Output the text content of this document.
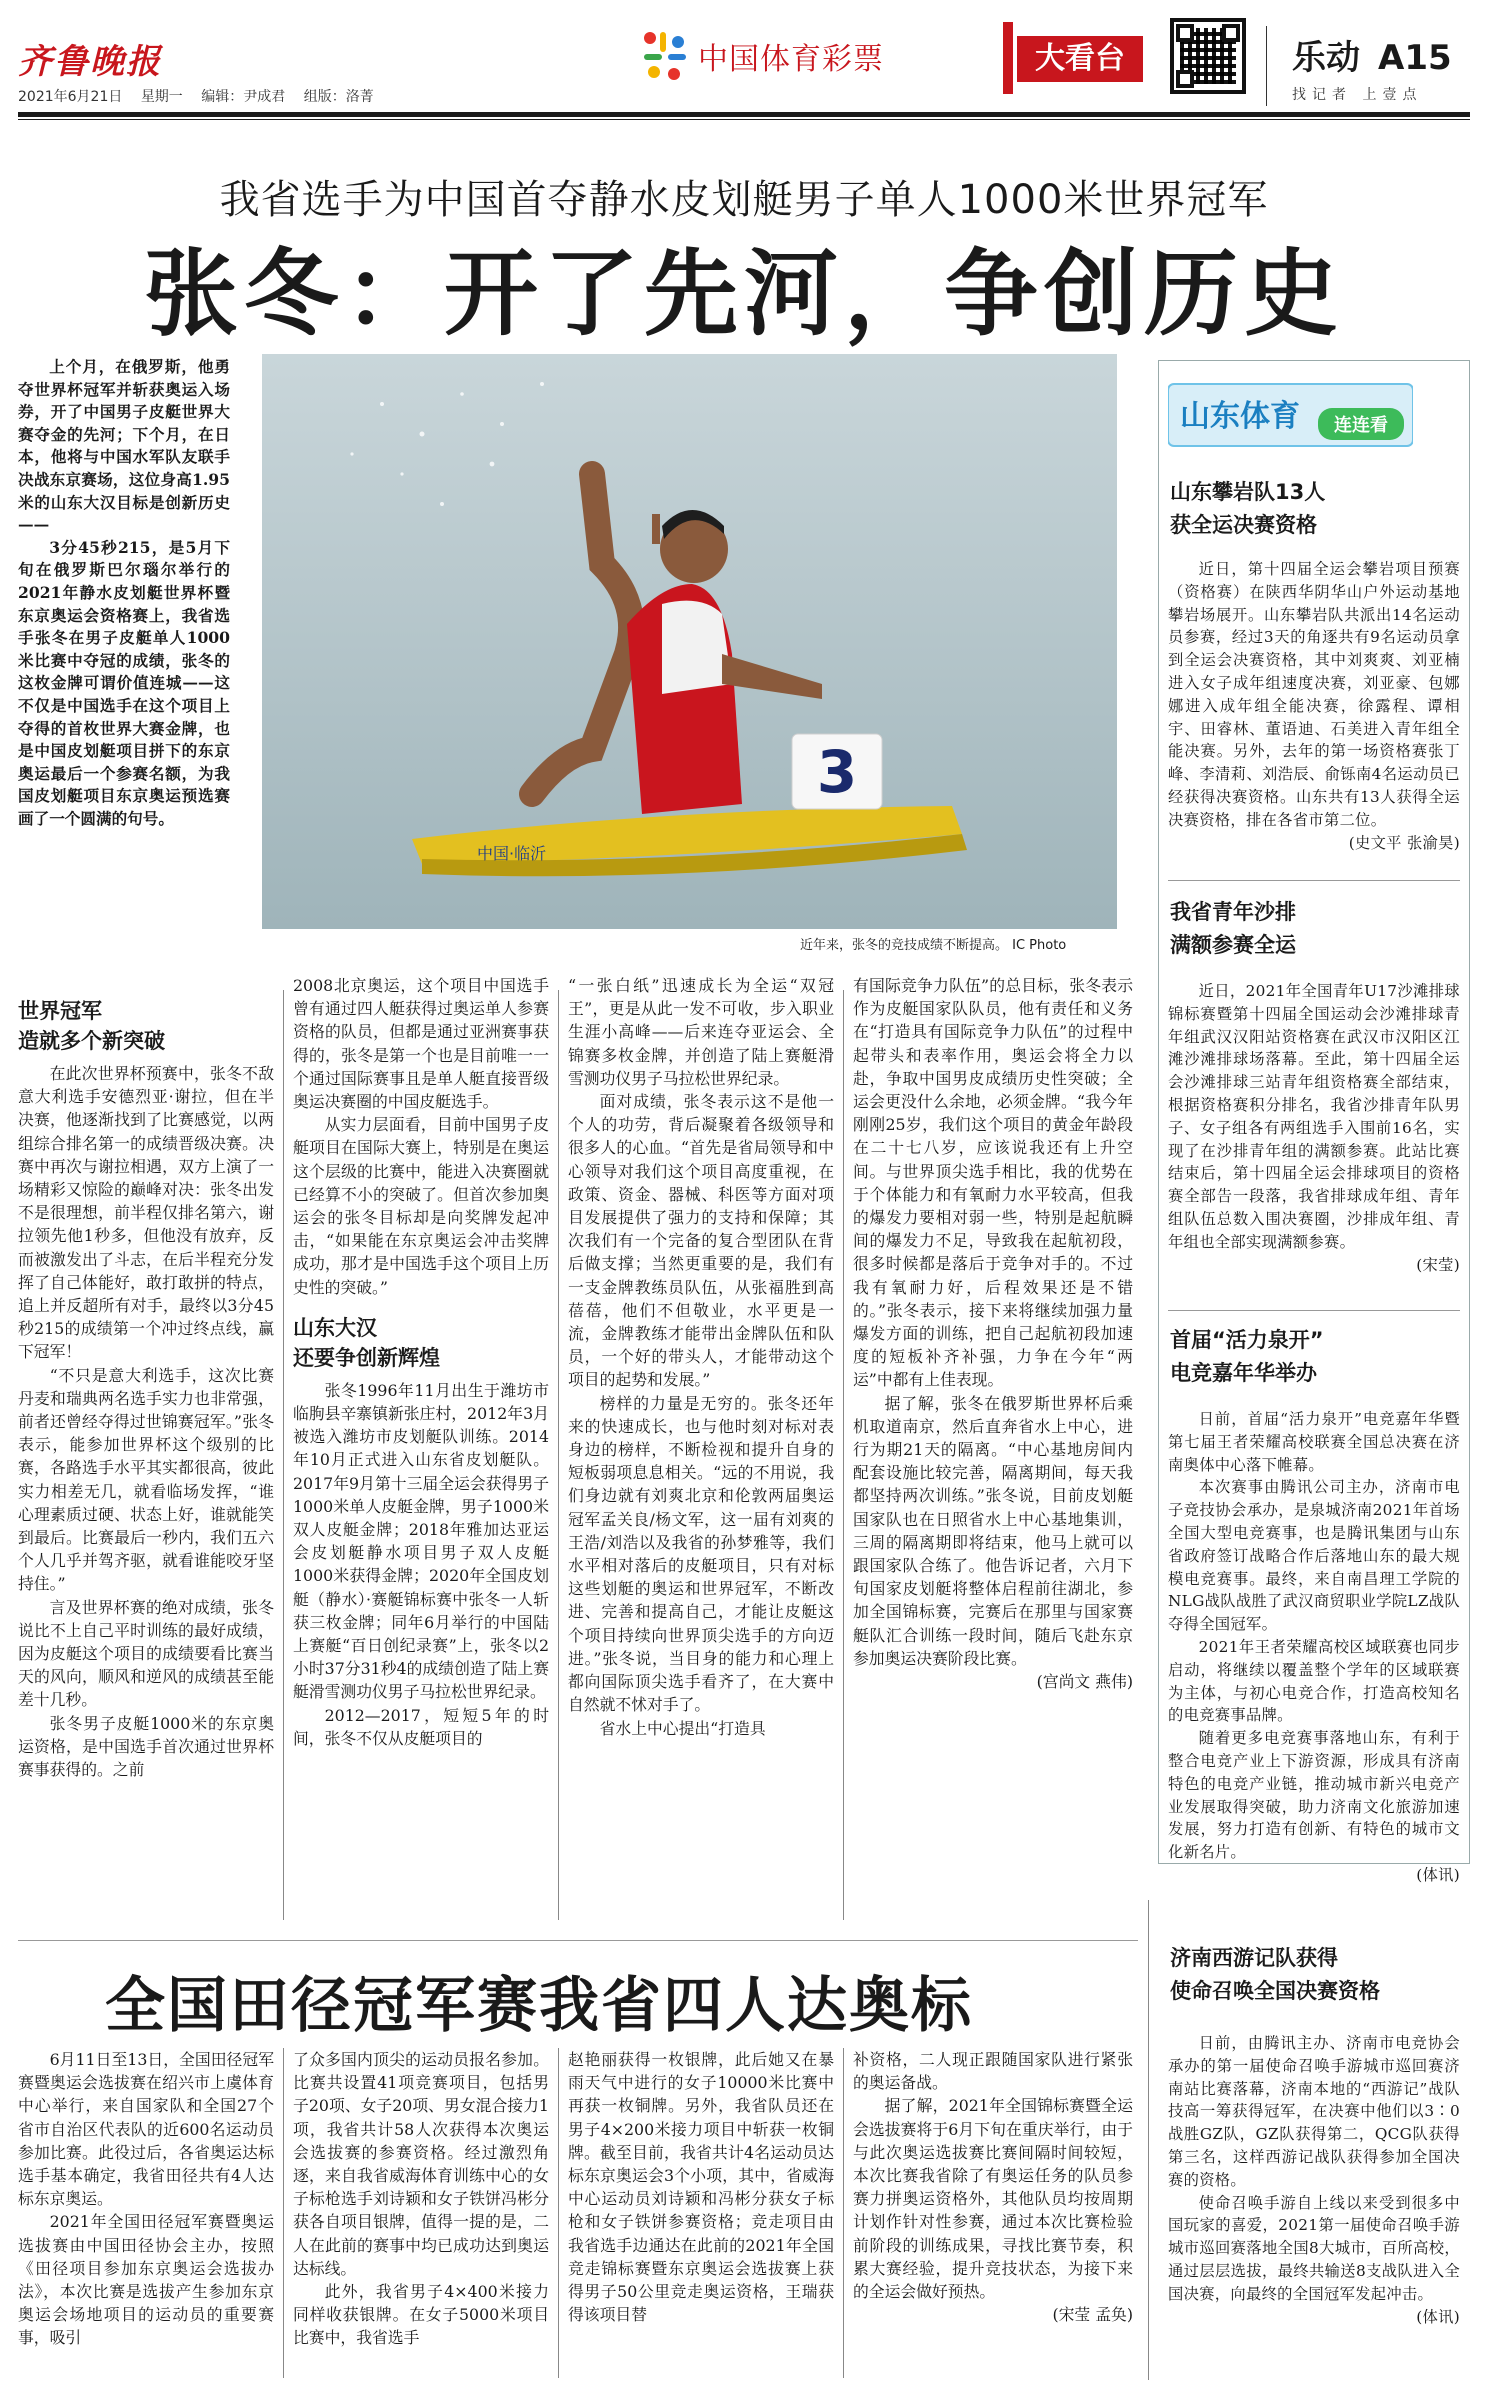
齐鲁晚报
2021年6月21日 星期一 编辑：尹成君 组版：洛菁
中国体育彩票	大看台	乐动 A15
找记者 上壹点
我省选手为中国首夺静水皮划艇男子单人1000米世界冠军
张冬：开了先河，争创历史

上个月，在俄罗斯，他勇夺世界杯冠军并斩获奥运入场券，开了中国男子皮艇世界大赛夺金的先河；下个月，在日本，他将与中国水军队友联手决战东京赛场，这位身高1.95米的山东大汉目标是创新历史——

3分45秒215，是5月下旬在俄罗斯巴尔瑙尔举行的2021年静水皮划艇世界杯暨东京奥运会资格赛上，我省选手张冬在男子皮艇单人1000米比赛中夺冠的成绩，张冬的这枚金牌可谓价值连城——这不仅是中国选手在这个项目上夺得的首枚世界大赛金牌，也是中国皮划艇项目拼下的东京奥运最后一个参赛名额，为我国皮划艇项目东京奥运预选赛画了一个圆满的句号。

3
中国·临沂
近年来，张冬的竞技成绩不断提高。 IC Photo
世界冠军
造就多个新突破

在此次世界杯预赛中，张冬不敌意大利选手安德烈亚·谢拉，但在半决赛，他逐渐找到了比赛感觉，以两组综合排名第一的成绩晋级决赛。决赛中再次与谢拉相遇，双方上演了一场精彩又惊险的巅峰对决：张冬出发不是很理想，前半程仅排名第六，谢拉领先他1秒多，但他没有放弃，反而被激发出了斗志，在后半程充分发挥了自己体能好，敢打敢拼的特点，追上并反超所有对手，最终以3分45秒215的成绩第一个冲过终点线，赢下冠军！

“不只是意大利选手，这次比赛丹麦和瑞典两名选手实力也非常强，前者还曾经夺得过世锦赛冠军。”张冬表示，能参加世界杯这个级别的比赛，各路选手水平其实都很高，彼此实力相差无几，就看临场发挥，“谁心理素质过硬、状态上好，谁就能笑到最后。比赛最后一秒内，我们五六个人几乎并驾齐驱，就看谁能咬牙坚持住。”

言及世界杯赛的绝对成绩，张冬说比不上自己平时训练的最好成绩，因为皮艇这个项目的成绩要看比赛当天的风向，顺风和逆风的成绩甚至能差十几秒。

张冬男子皮艇1000米的东京奥运资格，是中国选手首次通过世界杯赛事获得的。之前

2008北京奥运，这个项目中国选手曾有通过四人艇获得过奥运单人参赛资格的队员，但都是通过亚洲赛事获得的，张冬是第一个也是目前唯一一个通过国际赛事且是单人艇直接晋级奥运决赛圈的中国皮艇选手。

从实力层面看，目前中国男子皮艇项目在国际大赛上，特别是在奥运这个层级的比赛中，能进入决赛圈就已经算不小的突破了。但首次参加奥运会的张冬目标却是向奖牌发起冲击，“如果能在东京奥运会冲击奖牌成功，那才是中国选手这个项目上历史性的突破。”

山东大汉
还要争创新辉煌

张冬1996年11月出生于潍坊市临朐县辛寨镇新张庄村，2012年3月被选入潍坊市皮划艇队训练。2014年10月正式进入山东省皮划艇队。2017年9月第十三届全运会获得男子1000米单人皮艇金牌，男子1000米双人皮艇金牌；2018年雅加达亚运会皮划艇静水项目男子双人皮艇1000米获得金牌；2020年全国皮划艇（静水）·赛艇锦标赛中张冬一人斩获三枚金牌；同年6月举行的中国陆上赛艇“百日创纪录赛”上，张冬以2小时37分31秒4的成绩创造了陆上赛艇滑雪测功仪男子马拉松世界纪录。

2012—2017，短短5年的时间，张冬不仅从皮艇项目的

“一张白纸”迅速成长为全运“双冠王”，更是从此一发不可收，步入职业生涯小高峰——后来连夺亚运会、全锦赛多枚金牌，并创造了陆上赛艇滑雪测功仪男子马拉松世界纪录。

面对成绩，张冬表示这不是他一个人的功劳，背后凝聚着各级领导和很多人的心血。“首先是省局领导和中心领导对我们这个项目高度重视，在政策、资金、器械、科医等方面对项目发展提供了强力的支持和保障；其次我们有一个完备的复合型团队在背后做支撑；当然更重要的是，我们有一支金牌教练员队伍，从张福胜到高蓓蓓，他们不但敬业，水平更是一流，金牌教练才能带出金牌队伍和队员，一个好的带头人，才能带动这个项目的起势和发展。”

榜样的力量是无穷的。张冬还年来的快速成长，也与他时刻对标对表身边的榜样，不断检视和提升自身的短板弱项息息相关。“远的不用说，我们身边就有刘爽北京和伦敦两届奥运冠军孟关良/杨文军，这一届有刘爽的王浩/刘浩以及我省的孙梦雅等，我们水平相对落后的皮艇项目，只有对标这些划艇的奥运和世界冠军，不断改进、完善和提高自己，才能让皮艇这个项目持续向世界顶尖选手的方向迈进。”张冬说，当目身的能力和心理上都向国际顶尖选手看齐了，在大赛中自然就不怵对手了。

省水上中心提出“打造具

有国际竞争力队伍”的总目标，张冬表示作为皮艇国家队队员，他有责任和义务在“打造具有国际竞争力队伍”的过程中起带头和表率作用，奥运会将全力以赴，争取中国男皮成绩历史性突破；全运会更没什么余地，必须金牌。“我今年刚刚25岁，我们这个项目的黄金年龄段在二十七八岁，应该说我还有上升空间。与世界顶尖选手相比，我的优势在于个体能力和有氧耐力水平较高，但我的爆发力要相对弱一些，特别是起航瞬间的爆发力不足，导致我在起航初段，很多时候都是落后于竞争对手的。不过我有氧耐力好，后程效果还是不错的。”张冬表示，接下来将继续加强力量爆发方面的训练，把自己起航初段加速度的短板补齐补强，力争在今年“两运”中都有上佳表现。

据了解，张冬在俄罗斯世界杯后乘机取道南京，然后直奔省水上中心，进行为期21天的隔离。“中心基地房间内配套设施比较完善，隔离期间，每天我都坚持两次训练。”张冬说，目前皮划艇国家队也在日照省水上中心基地集训，三周的隔离期即将结束，他马上就可以跟国家队合练了。他告诉记者，六月下旬国家皮划艇将整体启程前往湖北，参加全国锦标赛，完赛后在那里与国家赛艇队汇合训练一段时间，随后飞赴东京参加奥运决赛阶段比赛。

(宫尚文 燕伟)
山东体育 连连看
山东攀岩队13人
获全运决赛资格

近日，第十四届全运会攀岩项目预赛（资格赛）在陕西华阴华山户外运动基地攀岩场展开。山东攀岩队共派出14名运动员参赛，经过3天的角逐共有9名运动员拿到全运会决赛资格，其中刘爽爽、刘亚楠进入女子成年组速度决赛，刘亚豪、包娜娜进入成年组全能决赛，徐露程、谭相宇、田睿林、董语迪、石美进入青年组全能决赛。另外，去年的第一场资格赛张丁峰、李清莉、刘浩辰、俞铄南4名运动员已经获得决赛资格。山东共有13人获得全运决赛资格，排在各省市第二位。

(史文平 张渝昊)
我省青年沙排
满额参赛全运

近日，2021年全国青年U17沙滩排球锦标赛暨第十四届全国运动会沙滩排球青年组武汉汉阳站资格赛在武汉市汉阳区江滩沙滩排球场落幕。至此，第十四届全运会沙滩排球三站青年组资格赛全部结束，根据资格赛积分排名，我省沙排青年队男子、女子组各有两组选手入围前16名，实现了在沙排青年组的满额参赛。此站比赛结束后，第十四届全运会排球项目的资格赛全部告一段落，我省排球成年组、青年组队伍总数入围决赛圈，沙排成年组、青年组也全部实现满额参赛。

(宋莹)
首届“活力泉开”
电竞嘉年华举办

日前，首届“活力泉开”电竞嘉年华暨第七届王者荣耀高校联赛全国总决赛在济南奥体中心落下帷幕。

本次赛事由腾讯公司主办，济南市电子竞技协会承办，是泉城济南2021年首场全国大型电竞赛事，也是腾讯集团与山东省政府签订战略合作后落地山东的最大规模电竞赛事。最终，来自南昌理工学院的NLG战队战胜了武汉商贸职业学院LZ战队夺得全国冠军。

2021年王者荣耀高校区域联赛也同步启动，将继续以覆盖整个学年的区域联赛为主体，与初心电竞合作，打造高校知名的电竞赛事品牌。

随着更多电竞赛事落地山东，有利于整合电竞产业上下游资源，形成具有济南特色的电竞产业链，推动城市新兴电竞产业发展取得突破，助力济南文化旅游加速发展，努力打造有创新、有特色的城市文化新名片。

(体讯)
济南西游记队获得
使命召唤全国决赛资格

日前，由腾讯主办、济南市电竞协会承办的第一届使命召唤手游城市巡回赛济南站比赛落幕，济南本地的“西游记”战队技高一筹获得冠军，在决赛中他们以3∶0战胜GZ队，GZ队获得第二，QCG队获得第三名，这样西游记战队获得参加全国决赛的资格。

使命召唤手游自上线以来受到很多中国玩家的喜爱，2021第一届使命召唤手游城市巡回赛落地全国8大城市，百所高校，通过层层选拔，最终共输送8支战队进入全国决赛，向最终的全国冠军发起冲击。

(体讯)
全国田径冠军赛我省四人达奥标

6月11日至13日，全国田径冠军赛暨奥运会选拔赛在绍兴市上虞体育中心举行，来自国家队和全国27个省市自治区代表队的近600名运动员参加比赛。此役过后，各省奥运达标选手基本确定，我省田径共有4人达标东京奥运。

2021年全国田径冠军赛暨奥运选拔赛由中国田径协会主办，按照《田径项目参加东京奥运会选拔办法》，本次比赛是选拔产生参加东京奥运会场地项目的运动员的重要赛事，吸引

了众多国内顶尖的运动员报名参加。比赛共设置41项竞赛项目，包括男子20项、女子20项、男女混合接力1项，我省共计58人次获得本次奥运会选拔赛的参赛资格。经过激烈角逐，来自我省威海体育训练中心的女子标枪选手刘诗颖和女子铁饼冯彬分获各自项目银牌，值得一提的是，二人在此前的赛事中均已成功达到奥运达标线。

此外，我省男子4×400米接力同样收获银牌。在女子5000米项目比赛中，我省选手

赵艳丽获得一枚银牌，此后她又在暴雨天气中进行的女子10000米比赛中再获一枚铜牌。另外，我省队员还在男子4×200米接力项目中斩获一枚铜牌。截至目前，我省共计4名运动员达标东京奥运会3个小项，其中，省威海中心运动员刘诗颖和冯彬分获女子标枪和女子铁饼参赛资格；竞走项目由我省选手边通达在此前的2021年全国竞走锦标赛暨东京奥运会选拔赛上获得男子50公里竞走奥运资格，王瑞获得该项目替

补资格，二人现正跟随国家队进行紧张的奥运备战。

据了解，2021年全国锦标赛暨全运会选拔赛将于6月下旬在重庆举行，由于与此次奥运选拔赛比赛间隔时间较短，本次比赛我省除了有奥运任务的队员参赛力拼奥运资格外，其他队员均按周期计划作针对性参赛，通过本次比赛检验前阶段的训练成果，寻找比赛节奏，积累大赛经验，提升竞技状态，为接下来的全运会做好预热。

(宋莹 孟奂)
